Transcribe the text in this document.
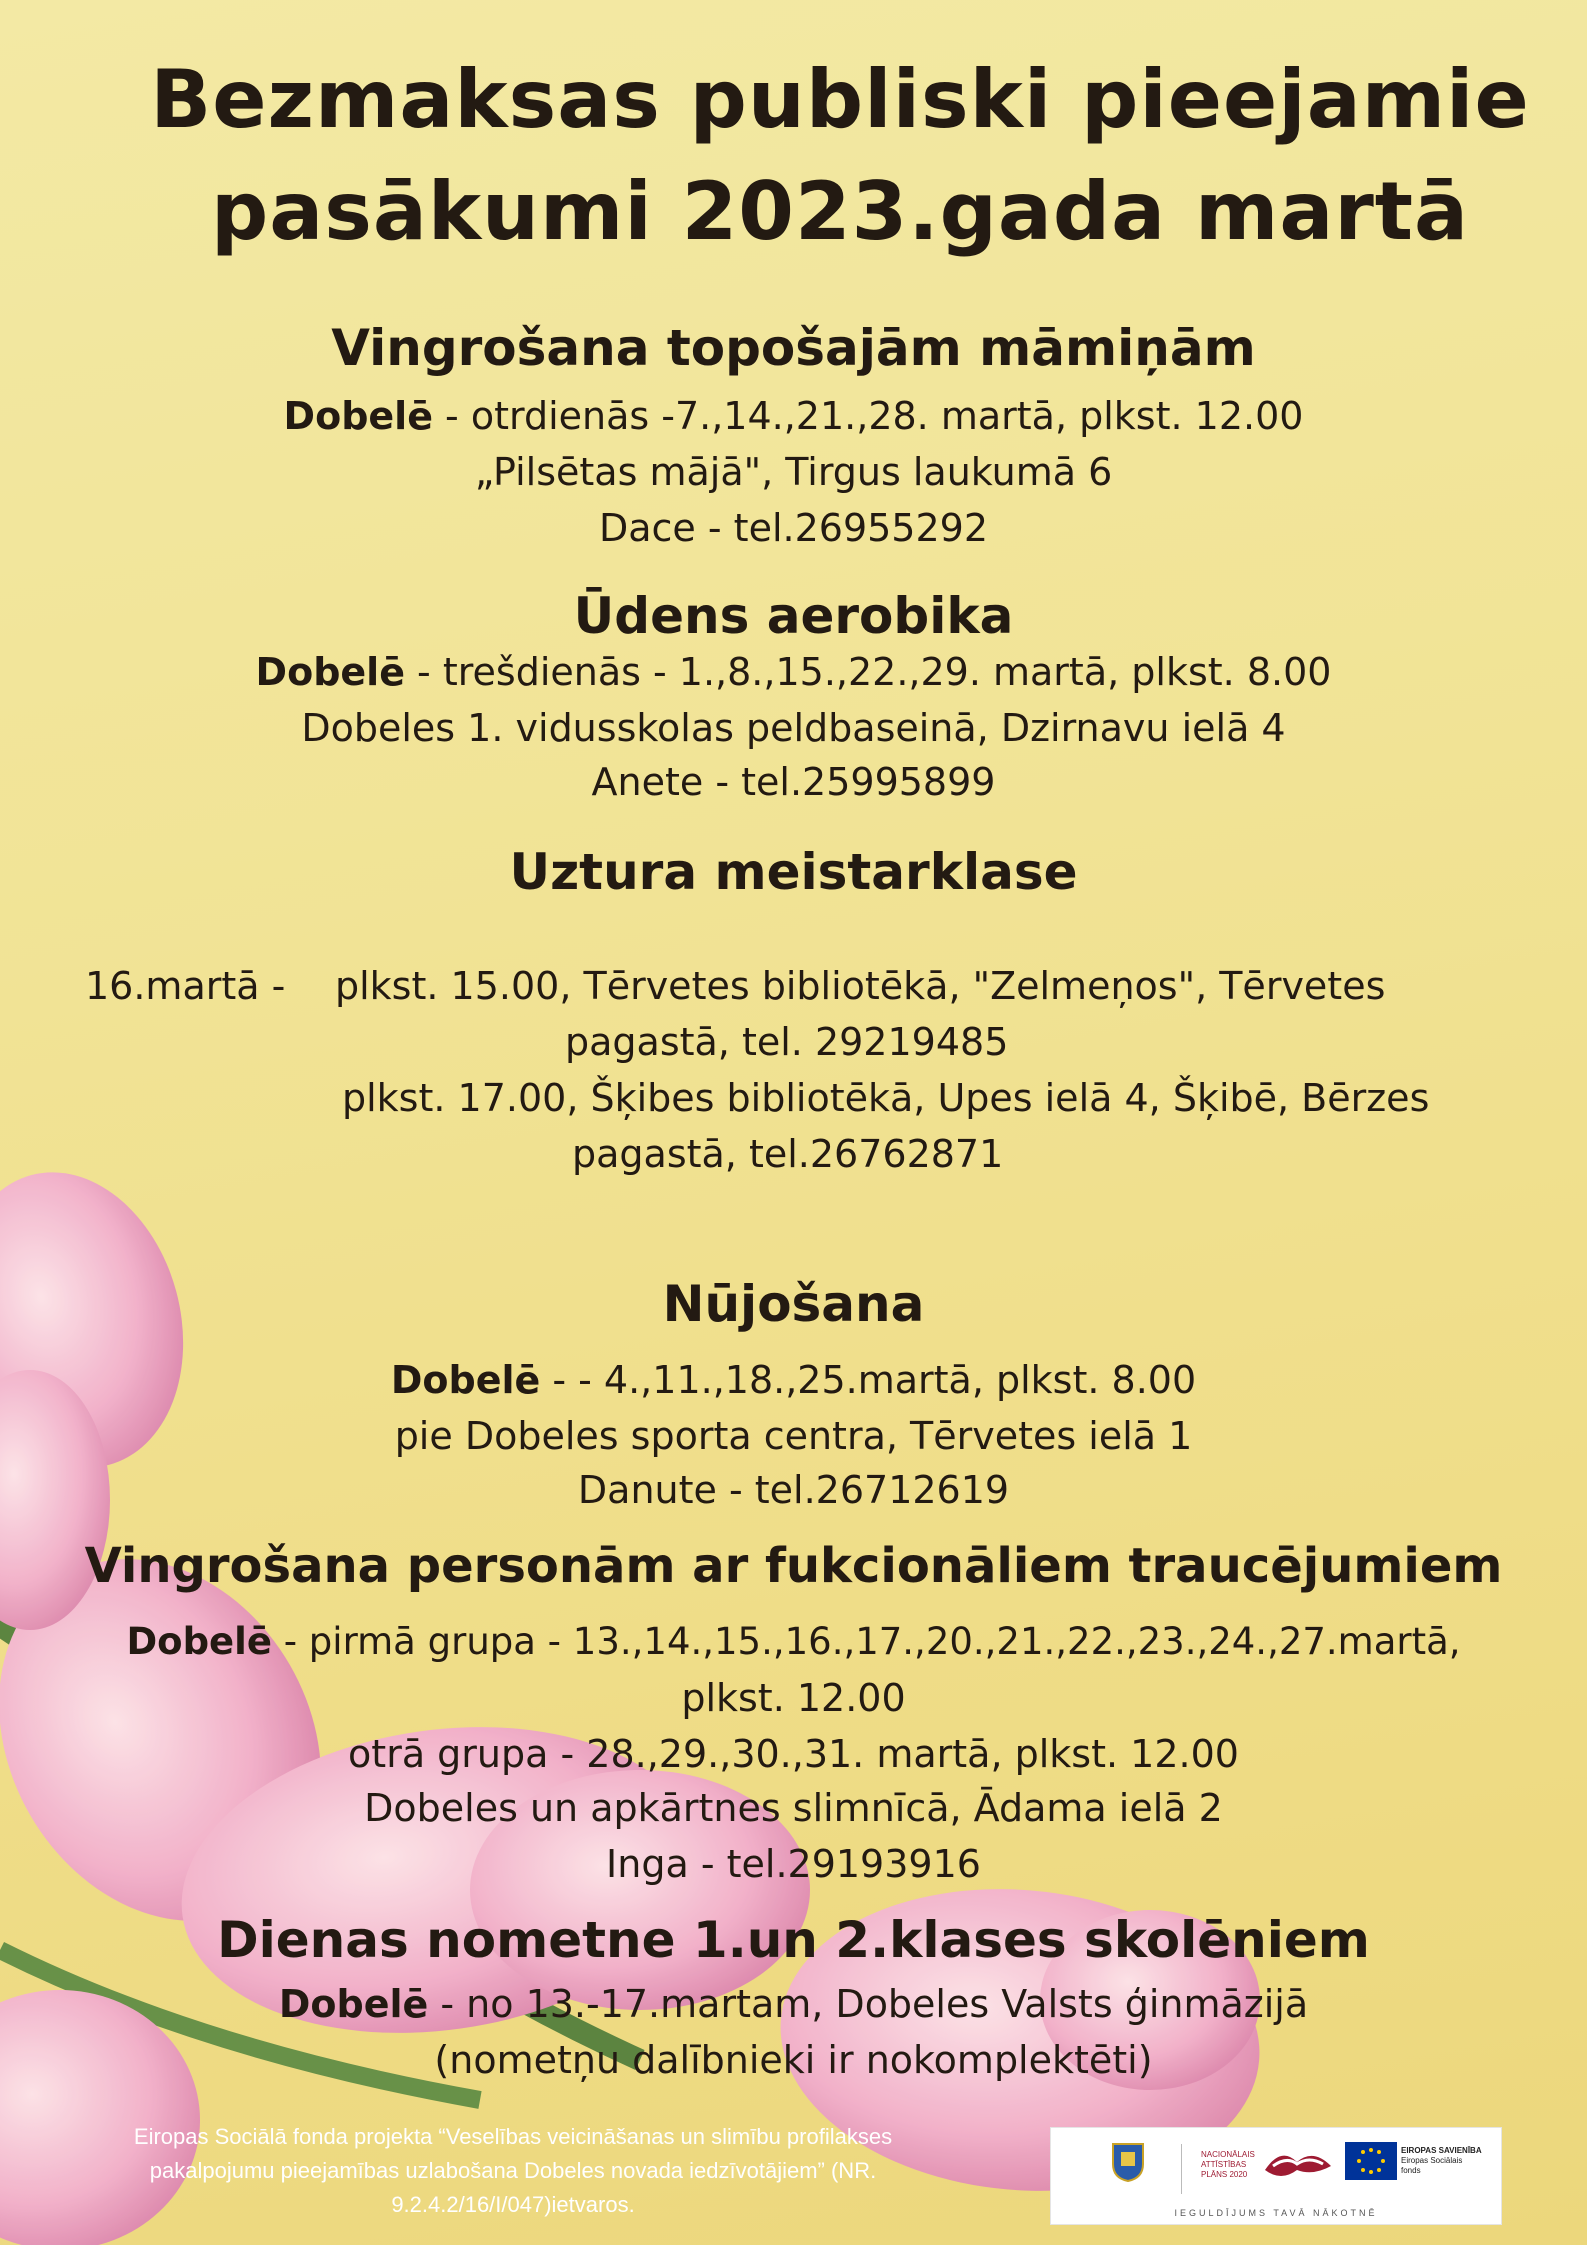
Bezmaksas publiski pieejamie
pasākumi 2023.gada martā
Vingrošana topošajām māmiņām
Dobelē - otrdienās -7.,14.,21.,28. martā, plkst. 12.00
„Pilsētas mājā", Tirgus laukumā 6
Dace - tel.26955292
Ūdens aerobika
Dobelē - trešdienās - 1.,8.,15.,22.,29. martā, plkst. 8.00
Dobeles 1. vidusskolas peldbaseinā, Dzirnavu ielā 4
Anete - tel.25995899
Uztura meistarklase
16.martā - plkst. 15.00, Tērvetes bibliotēkā, "Zelmeņos", Tērvetes
pagastā, tel. 29219485
plkst. 17.00, Šķibes bibliotēkā, Upes ielā 4, Šķibē, Bērzes
pagastā, tel.26762871
Nūjošana
Dobelē - - 4.,11.,18.,25.martā, plkst. 8.00
pie Dobeles sporta centra, Tērvetes ielā 1
Danute - tel.26712619
Vingrošana personām ar fukcionāliem traucējumiem
Dobelē - pirmā grupa - 13.,14.,15.,16.,17.,20.,21.,22.,23.,24.,27.martā,
plkst. 12.00
otrā grupa - 28.,29.,30.,31. martā, plkst. 12.00
Dobeles un apkārtnes slimnīcā, Ādama ielā 2
Inga - tel.29193916
Dienas nometne 1.un 2.klases skolēniem
Dobelē - no 13.-17.martam, Dobeles Valsts ģinmāzijā
(nometņu dalībnieki ir nokomplektēti)
Eiropas Sociālā fonda projekta “Veselības veicināšanas un slimību profilakses
pakalpojumu pieejamības uzlabošana Dobeles novada iedzīvotājiem” (NR.
9.2.4.2/16/I/047)ietvaros.
NACIONĀLAIS
ATTĪSTĪBAS
PLĀNS 2020
EIROPAS SAVIENĪBA
Eiropas Sociālais
fonds
IEGULDĪJUMS TAVĀ NĀKOTNĒ
